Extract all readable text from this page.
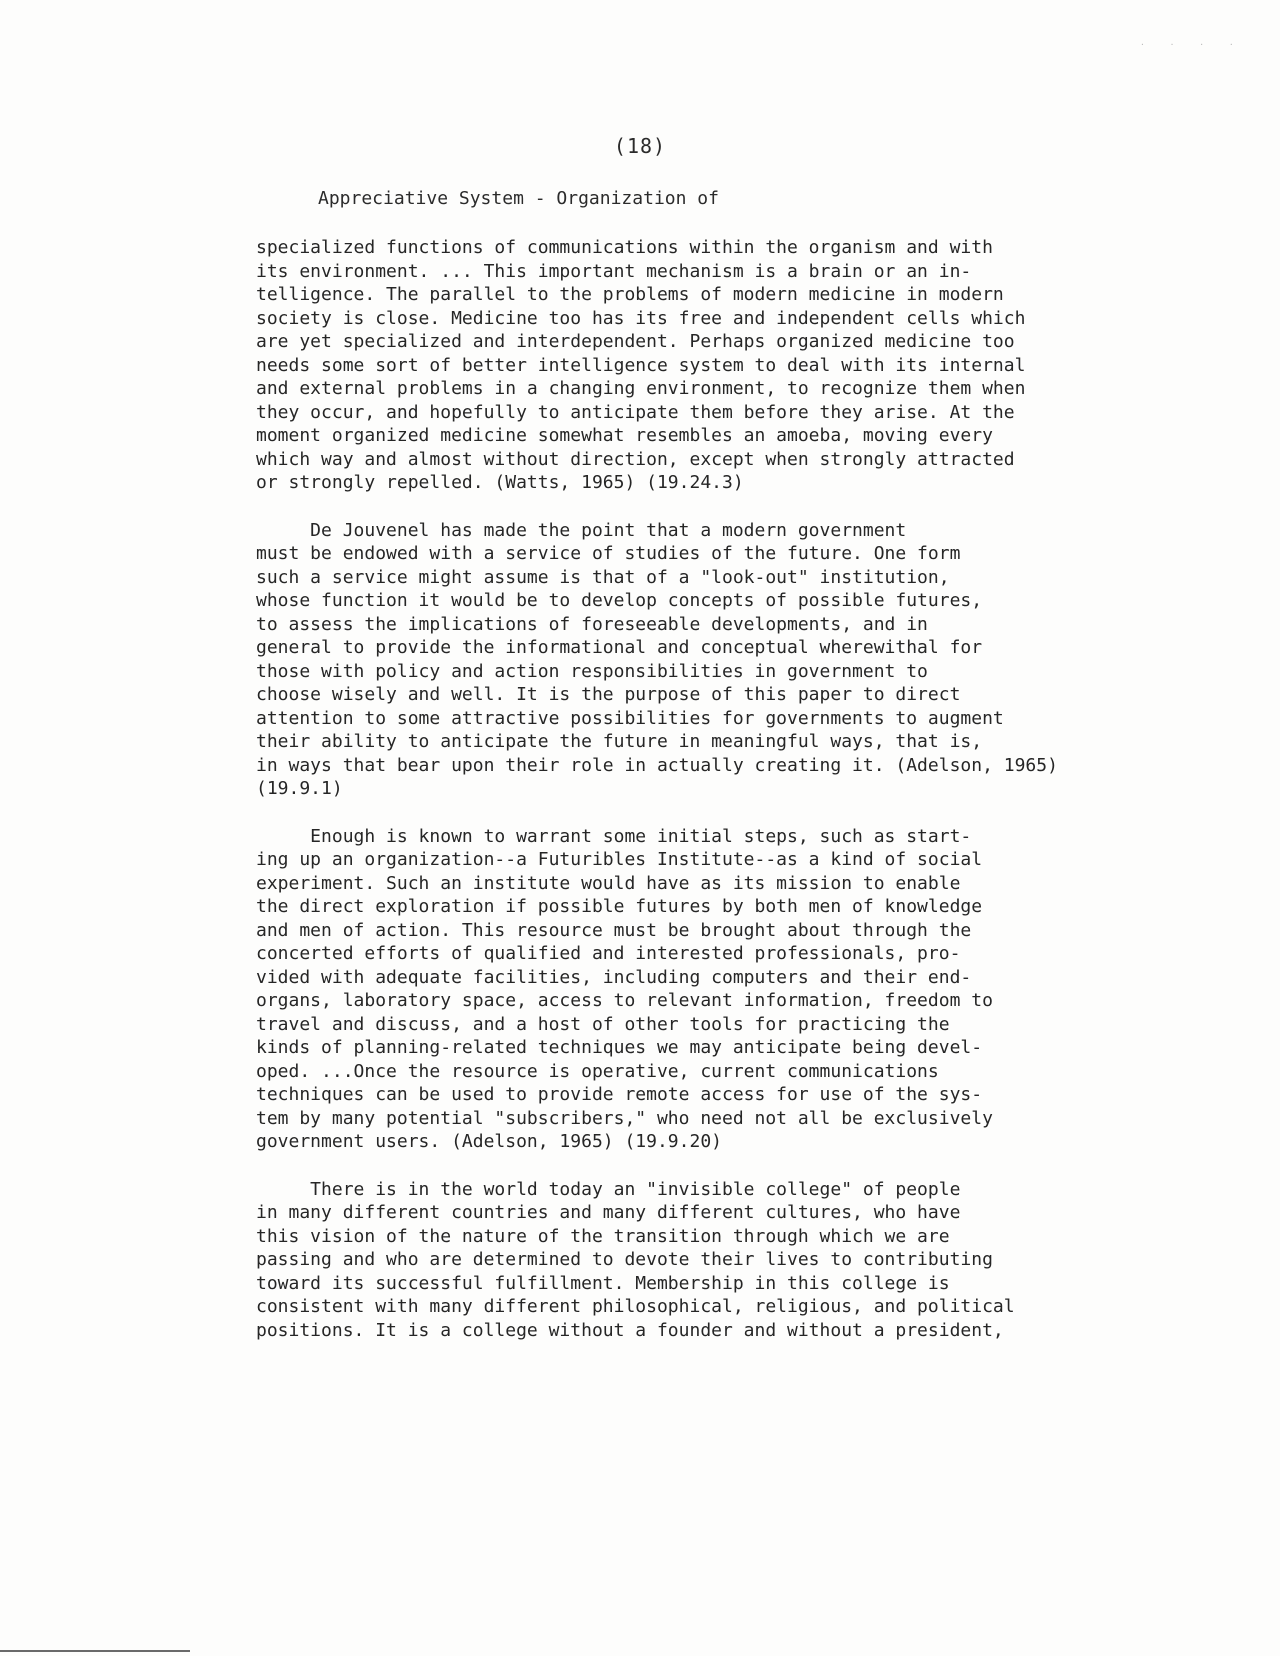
· · · ·
(18)
Appreciative System - Organization of
specialized functions of communications within the organism and with
its environment. ... This important mechanism is a brain or an in-
telligence. The parallel to the problems of modern medicine in modern
society is close. Medicine too has its free and independent cells which
are yet specialized and interdependent. Perhaps organized medicine too
needs some sort of better intelligence system to deal with its internal
and external problems in a changing environment, to recognize them when
they occur, and hopefully to anticipate them before they arise. At the
moment organized medicine somewhat resembles an amoeba, moving every
which way and almost without direction, except when strongly attracted
or strongly repelled. (Watts, 1965) (19.24.3)
De Jouvenel has made the point that a modern government
must be endowed with a service of studies of the future. One form
such a service might assume is that of a "look-out" institution,
whose function it would be to develop concepts of possible futures,
to assess the implications of foreseeable developments, and in
general to provide the informational and conceptual wherewithal for
those with policy and action responsibilities in government to
choose wisely and well. It is the purpose of this paper to direct
attention to some attractive possibilities for governments to augment
their ability to anticipate the future in meaningful ways, that is,
in ways that bear upon their role in actually creating it. (Adelson, 1965)
(19.9.1)
Enough is known to warrant some initial steps, such as start-
ing up an organization--a Futuribles Institute--as a kind of social
experiment. Such an institute would have as its mission to enable
the direct exploration if possible futures by both men of knowledge
and men of action. This resource must be brought about through the
concerted efforts of qualified and interested professionals, pro-
vided with adequate facilities, including computers and their end-
organs, laboratory space, access to relevant information, freedom to
travel and discuss, and a host of other tools for practicing the
kinds of planning-related techniques we may anticipate being devel-
oped. ...Once the resource is operative, current communications
techniques can be used to provide remote access for use of the sys-
tem by many potential "subscribers," who need not all be exclusively
government users. (Adelson, 1965) (19.9.20)
There is in the world today an "invisible college" of people
in many different countries and many different cultures, who have
this vision of the nature of the transition through which we are
passing and who are determined to devote their lives to contributing
toward its successful fulfillment. Membership in this college is
consistent with many different philosophical, religious, and political
positions. It is a college without a founder and without a president,
